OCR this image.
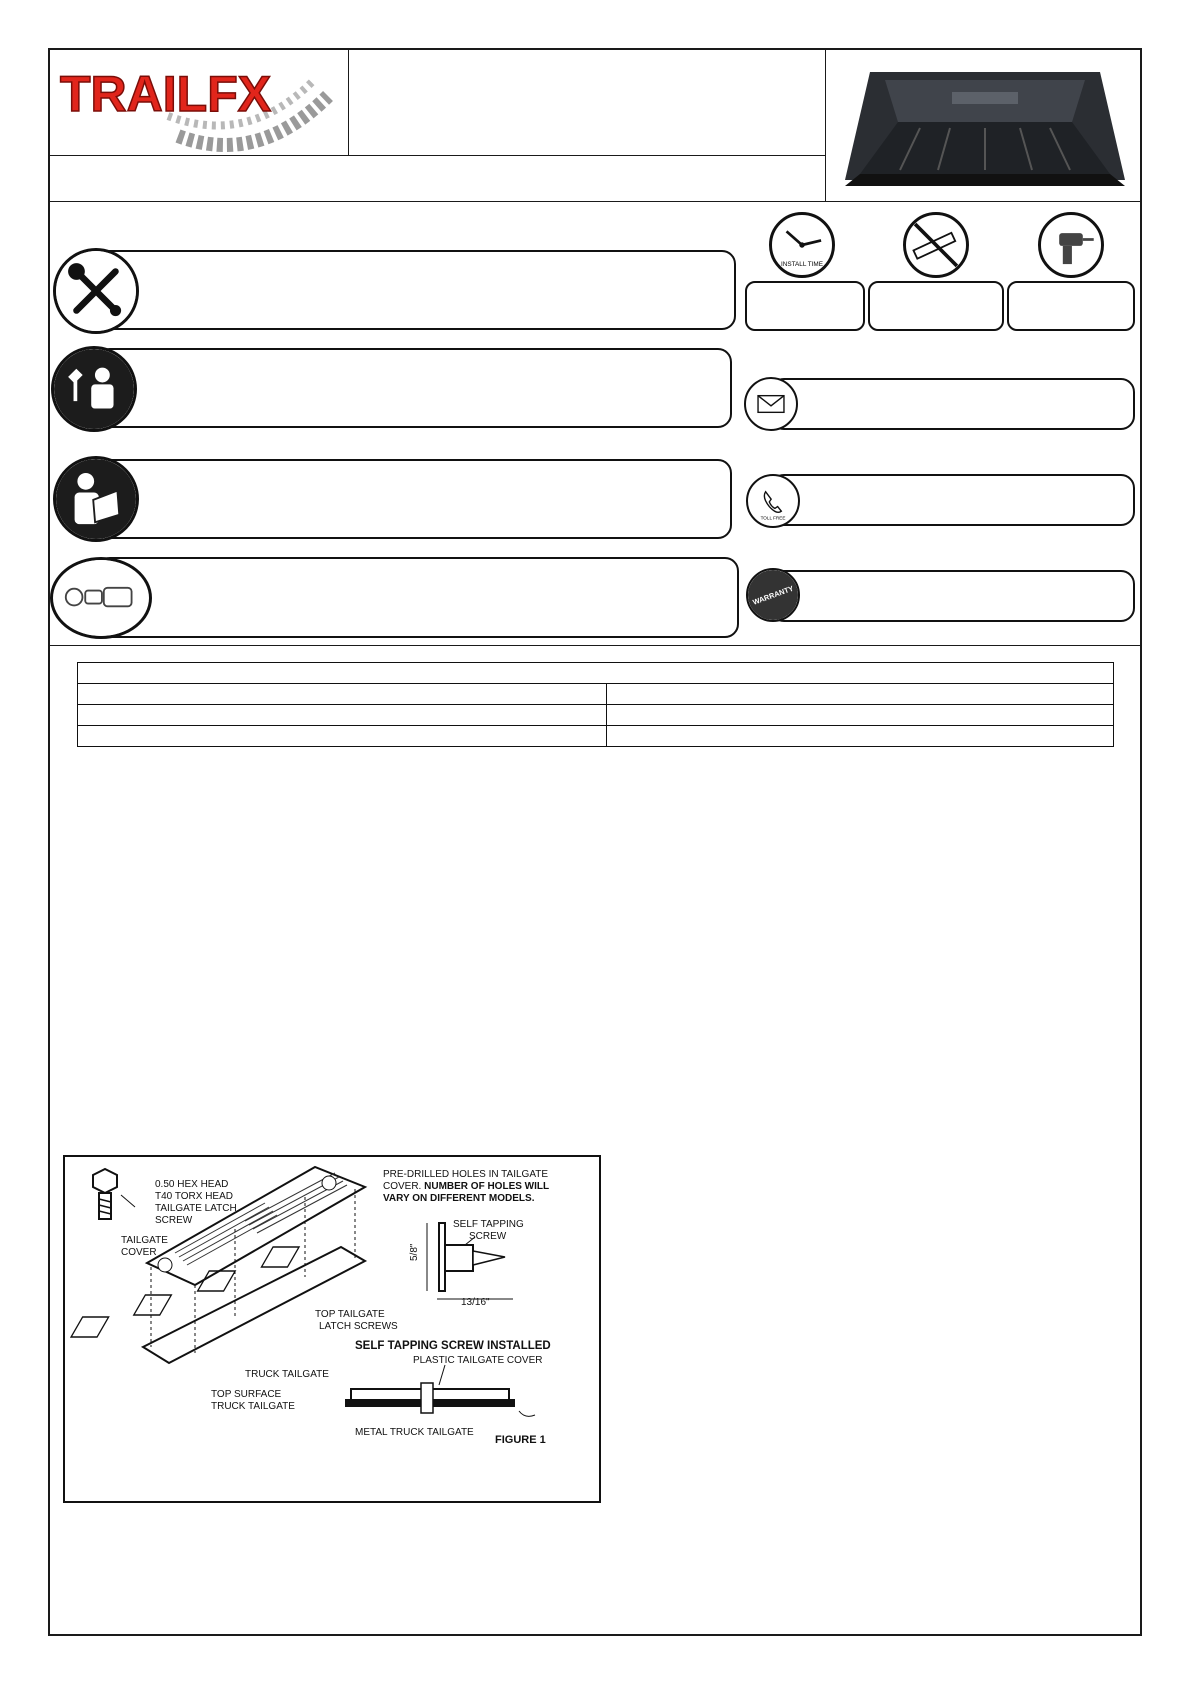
TRAILFX
INSTALL TIME
TOLL FREE
WARRANTY

0.50 HEX HEAD
T40 TORX HEAD
TAILGATE LATCH
SCREW
TAILGATE
COVER
PRE-DRILLED HOLES IN TAILGATE
COVER. NUMBER OF HOLES WILL
VARY ON DIFFERENT MODELS.
SELF TAPPING
SCREW
5/8"
13/16"
TOP TAILGATE
LATCH SCREWS
SELF TAPPING SCREW INSTALLED
PLASTIC TAILGATE COVER
TRUCK TAILGATE
TOP SURFACE
TRUCK TAILGATE
METAL TRUCK TAILGATE
FIGURE 1
